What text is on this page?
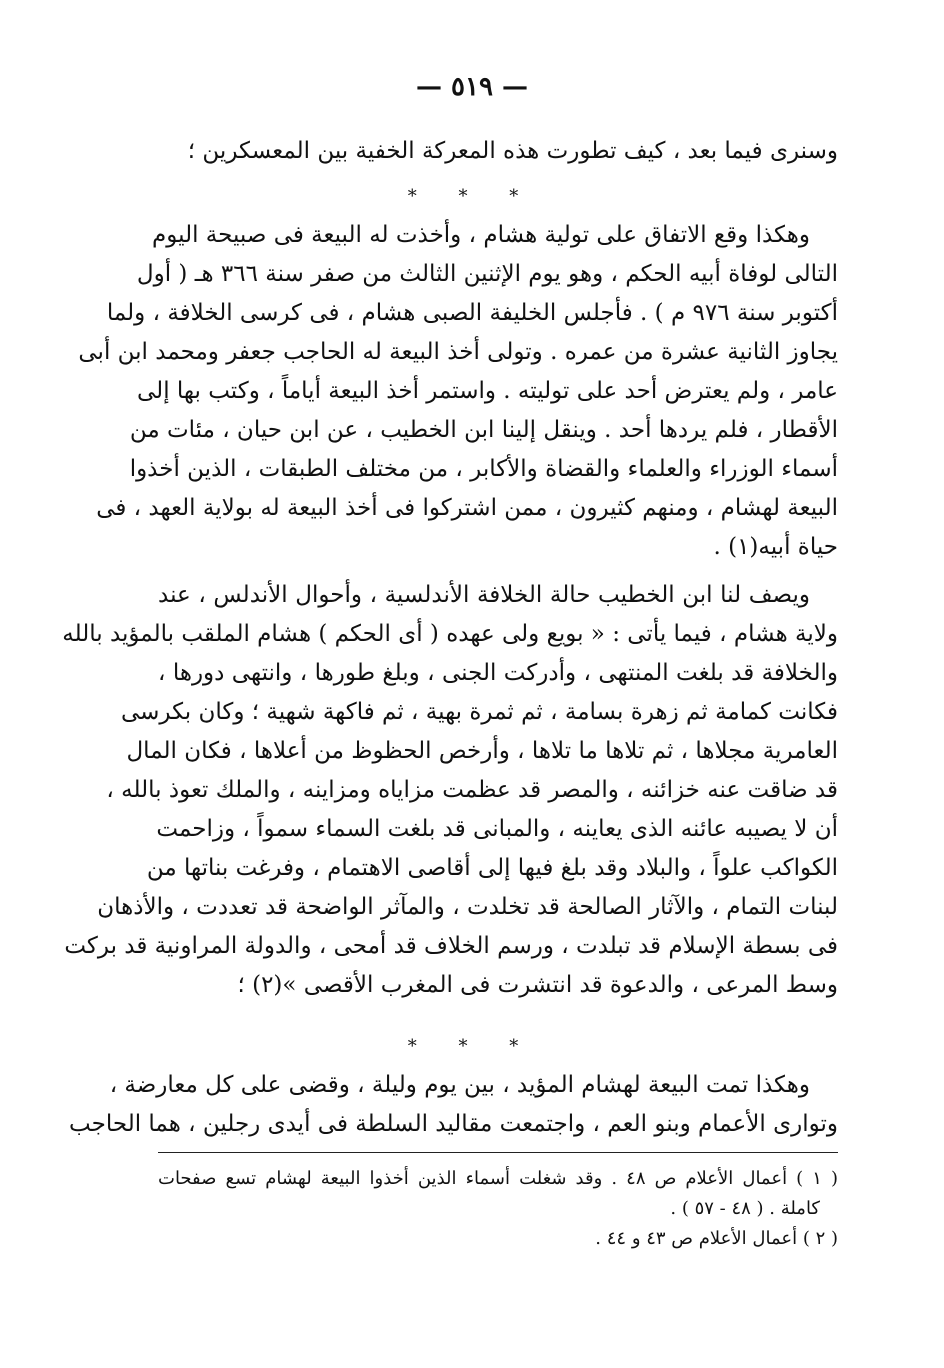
— ٥١٩ —
وسنرى فيما بعد ، كيف تطورت هذه المعركة الخفية بين المعسكرين ؛
* * *
وهكذا وقع الاتفاق على تولية هشام ، وأخذت له البيعة فى صبيحة اليوم
التالى لوفاة أبيه الحكم ، وهو يوم الإثنين الثالث من صفر سنة ٣٦٦ هـ ( أول
أكتوبر سنة ٩٧٦ م ) . فأجلس الخليفة الصبى هشام ، فى كرسى الخلافة ، ولما
يجاوز الثانية عشرة من عمره . وتولى أخذ البيعة له الحاجب جعفر ومحمد ابن أبى
عامر ، ولم يعترض أحد على توليته . واستمر أخذ البيعة أياماً ، وكتب بها إلى
الأقطار ، فلم يردها أحد . وينقل إلينا ابن الخطيب ، عن ابن حيان ، مئات من
أسماء الوزراء والعلماء والقضاة والأكابر ، من مختلف الطبقات ، الذين أخذوا
البيعة لهشام ، ومنهم كثيرون ، ممن اشتركوا فى أخذ البيعة له بولاية العهد ، فى
حياة أبيه(١) .
ويصف لنا ابن الخطيب حالة الخلافة الأندلسية ، وأحوال الأندلس ، عند
ولاية هشام ، فيما يأتى : « بويع ولى عهده ( أى الحكم ) هشام الملقب بالمؤيد بالله
والخلافة قد بلغت المنتهى ، وأدركت الجنى ، وبلغ طورها ، وانتهى دورها ،
فكانت كمامة ثم زهرة بسامة ، ثم ثمرة بهية ، ثم فاكهة شهية ؛ وكان بكرسى
العامرية مجلاها ، ثم تلاها ما تلاها ، وأرخص الحظوظ من أعلاها ، فكان المال
قد ضاقت عنه خزائنه ، والمصر قد عظمت مزاياه ومزاينه ، والملك تعوذ بالله ،
أن لا يصيبه عائنه الذى يعاينه ، والمبانى قد بلغت السماء سمواً ، وزاحمت
الكواكب علواً ، والبلاد وقد بلغ فيها إلى أقاصى الاهتمام ، وفرغت بناتها من
لبنات التمام ، والآثار الصالحة قد تخلدت ، والمآثر الواضحة قد تعددت ، والأذهان
فى بسطة الإسلام قد تبلدت ، ورسم الخلاف قد أمحى ، والدولة المراونية قد بركت
وسط المرعى ، والدعوة قد انتشرت فى المغرب الأقصى »(٢) ؛
* * *
وهكذا تمت البيعة لهشام المؤيد ، بين يوم وليلة ، وقضى على كل معارضة ،
وتوارى الأعمام وبنو العم ، واجتمعت مقاليد السلطة فى أيدى رجلين ، هما الحاجب
( ١ ) أعمال الأعلام ص ٤٨ . وقد شغلت أسماء الذين أخذوا البيعة لهشام تسع صفحات
كاملة . ( ٤٨ - ٥٧ ) .
( ٢ ) أعمال الأعلام ص ٤٣ و ٤٤ .
